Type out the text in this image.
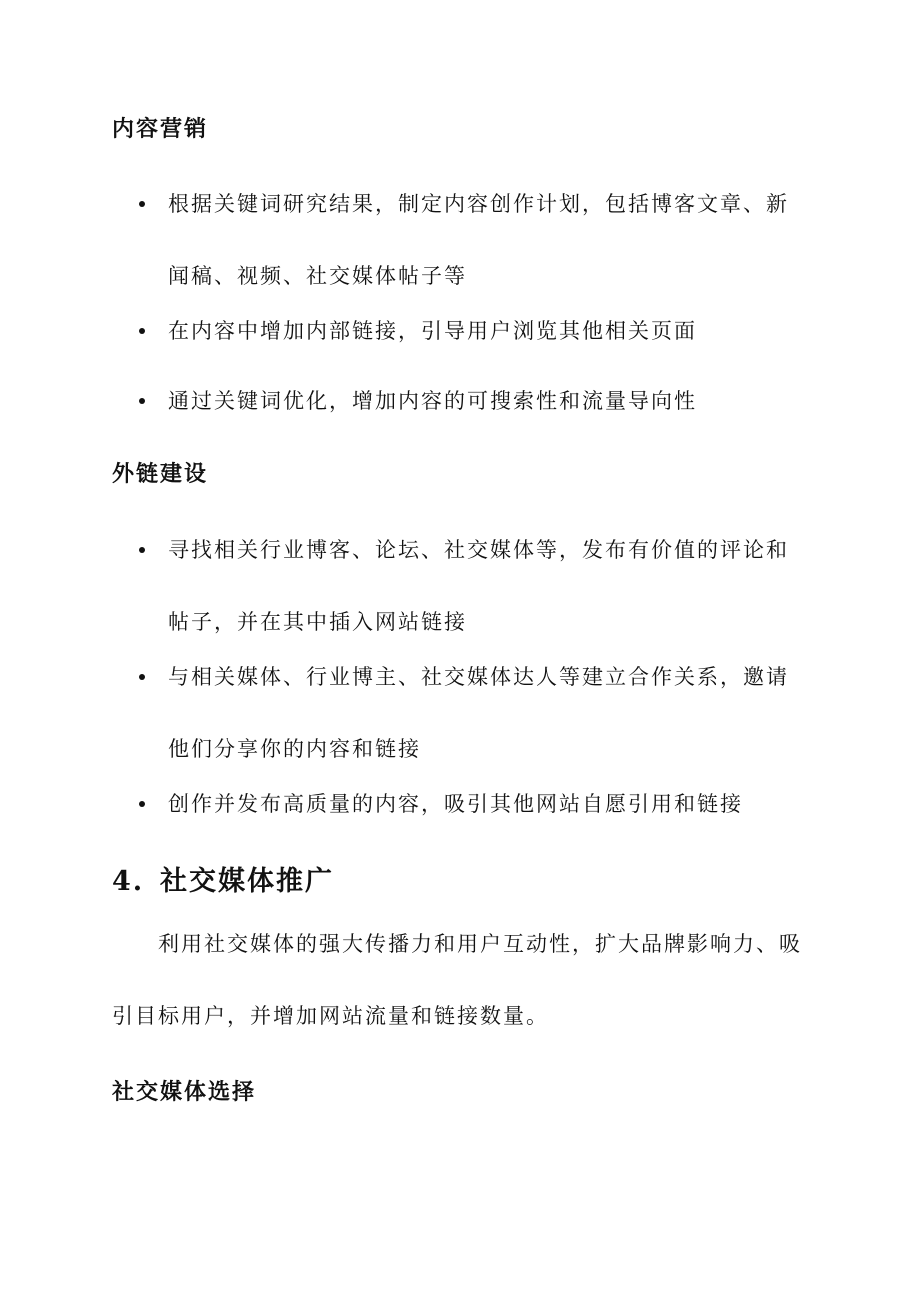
内容营销

根据关键词研究结果，制定内容创作计划，包括博客文章、新闻稿、视频、社交媒体帖子等

在内容中增加内部链接，引导用户浏览其他相关页面

通过关键词优化，增加内容的可搜索性和流量导向性

外链建设

寻找相关行业博客、论坛、社交媒体等，发布有价值的评论和帖子，并在其中插入网站链接

与相关媒体、行业博主、社交媒体达人等建立合作关系，邀请他们分享你的内容和链接

创作并发布高质量的内容，吸引其他网站自愿引用和链接

4. 社交媒体推广

利用社交媒体的强大传播力和用户互动性，扩大品牌影响力、吸引目标用户，并增加网站流量和链接数量。

社交媒体选择
